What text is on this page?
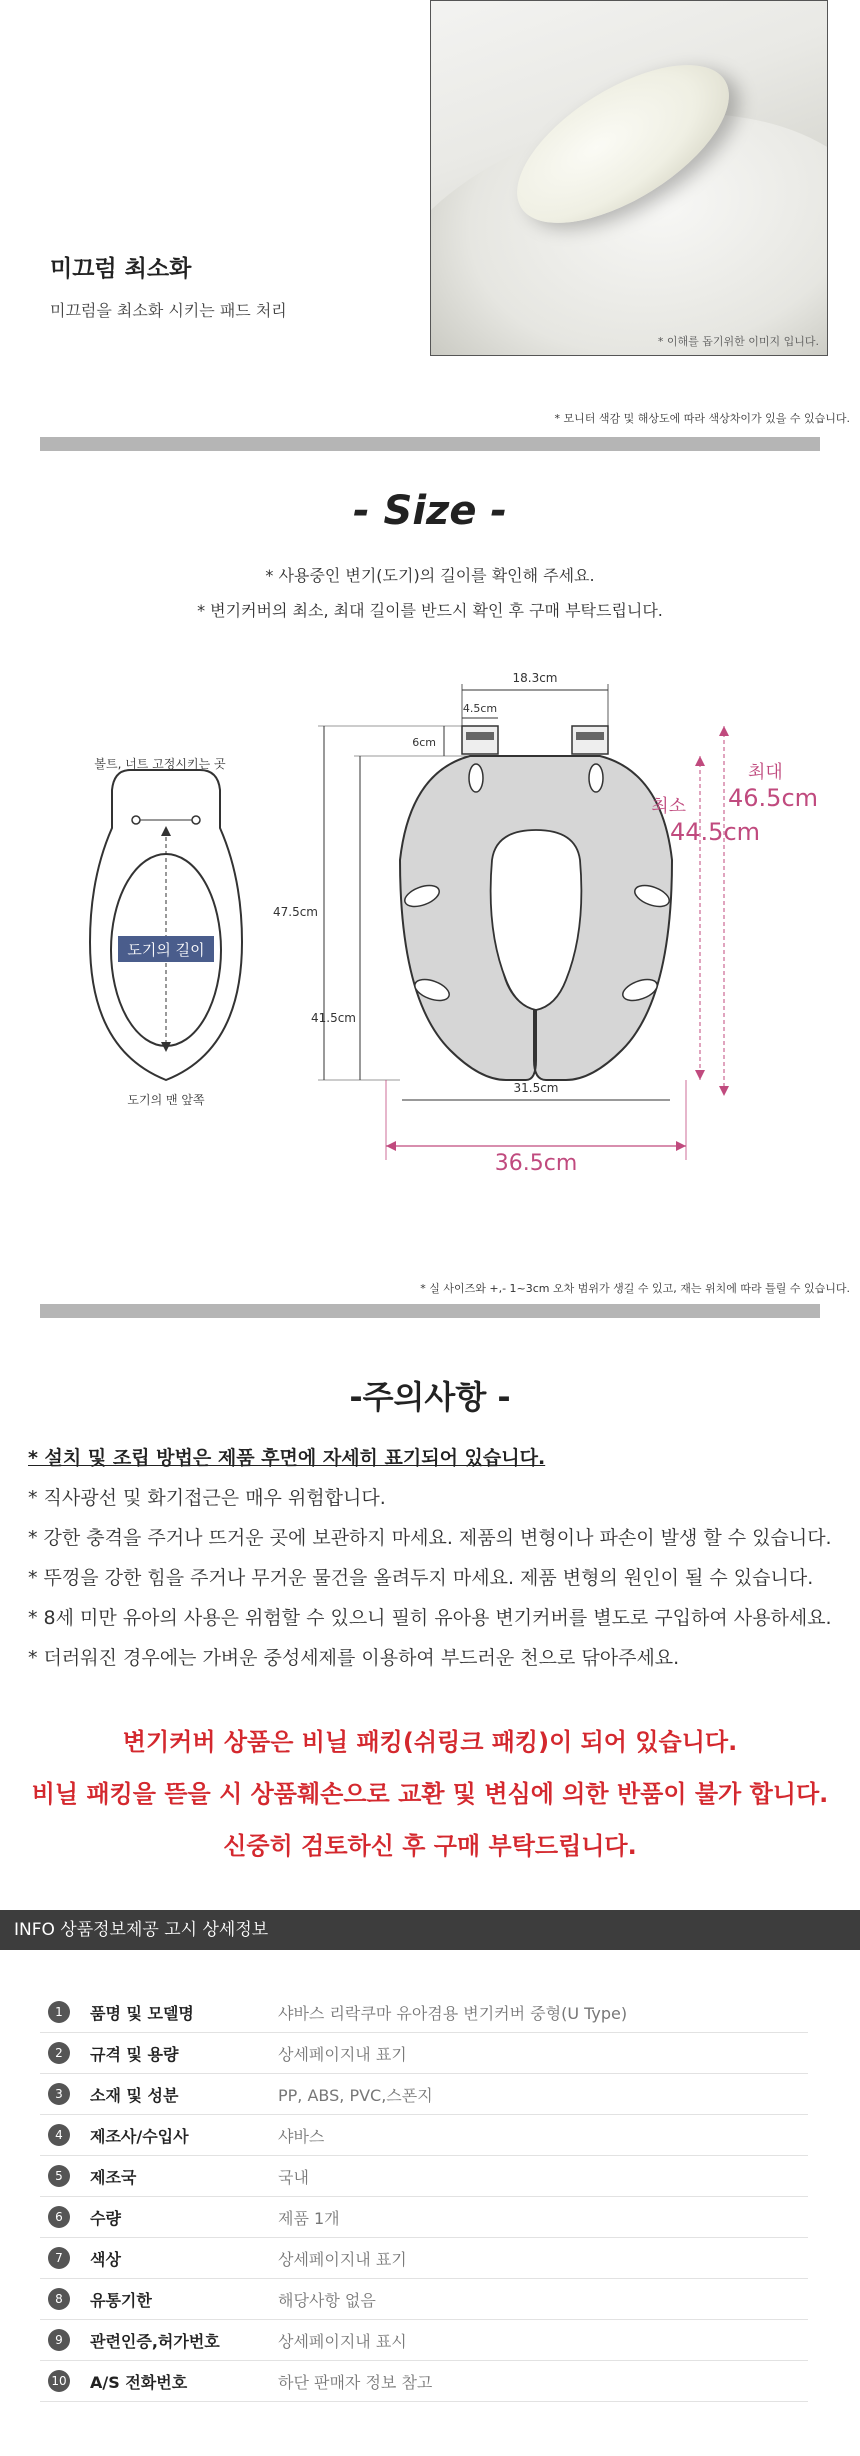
* 이해를 돕기위한 이미지 입니다.
미끄럼 최소화
미끄럼을 최소화 시키는 패드 처리
* 모니터 색감 및 해상도에 따라 색상차이가 있을 수 있습니다.
- Size -
* 사용중인 변기(도기)의 길이를 확인해 주세요.
* 변기커버의 최소, 최대 길이를 반드시 확인 후 구매 부탁드립니다.
도기의 길이
볼트, 너트 고정시키는 곳
도기의 맨 앞쪽
18.3cm
4.5cm
6cm
47.5cm
41.5cm
31.5cm
36.5cm
최소
44.5cm
최대
46.5cm
* 실 사이즈와 +,- 1~3cm 오차 범위가 생길 수 있고, 재는 위치에 따라 틀릴 수 있습니다.
-주의사항 -
* 설치 및 조립 방법은 제품 후면에 자세히 표기되어 있습니다.
* 직사광선 및 화기접근은 매우 위험합니다.
* 강한 충격을 주거나 뜨거운 곳에 보관하지 마세요. 제품의 변형이나 파손이 발생 할 수 있습니다.
* 뚜껑을 강한 힘을 주거나 무거운 물건을 올려두지 마세요. 제품 변형의 원인이 될 수 있습니다.
* 8세 미만 유아의 사용은 위험할 수 있으니 필히 유아용 변기커버를 별도로 구입하여 사용하세요.
* 더러워진 경우에는 가벼운 중성세제를 이용하여 부드러운 천으로 닦아주세요.
변기커버 상품은 비닐 패킹(쉬링크 패킹)이 되어 있습니다.
비닐 패킹을 뜯을 시 상품훼손으로 교환 및 변심에 의한 반품이 불가 합니다.
신중히 검토하신 후 구매 부탁드립니다.
INFO 상품정보제공 고시 상세정보
1	품명 및 모델명	샤바스 리락쿠마 유아겸용 변기커버 중형(U Type)
2	규격 및 용량	상세페이지내 표기
3	소재 및 성분	PP, ABS, PVC,스폰지
4	제조사/수입사	샤바스
5	제조국	국내
6	수량	제품 1개
7	색상	상세페이지내 표기
8	유통기한	해당사항 없음
9	관련인증,허가번호	상세페이지내 표시
10 A/S 전화번호	하단 판매자 정보 참고
